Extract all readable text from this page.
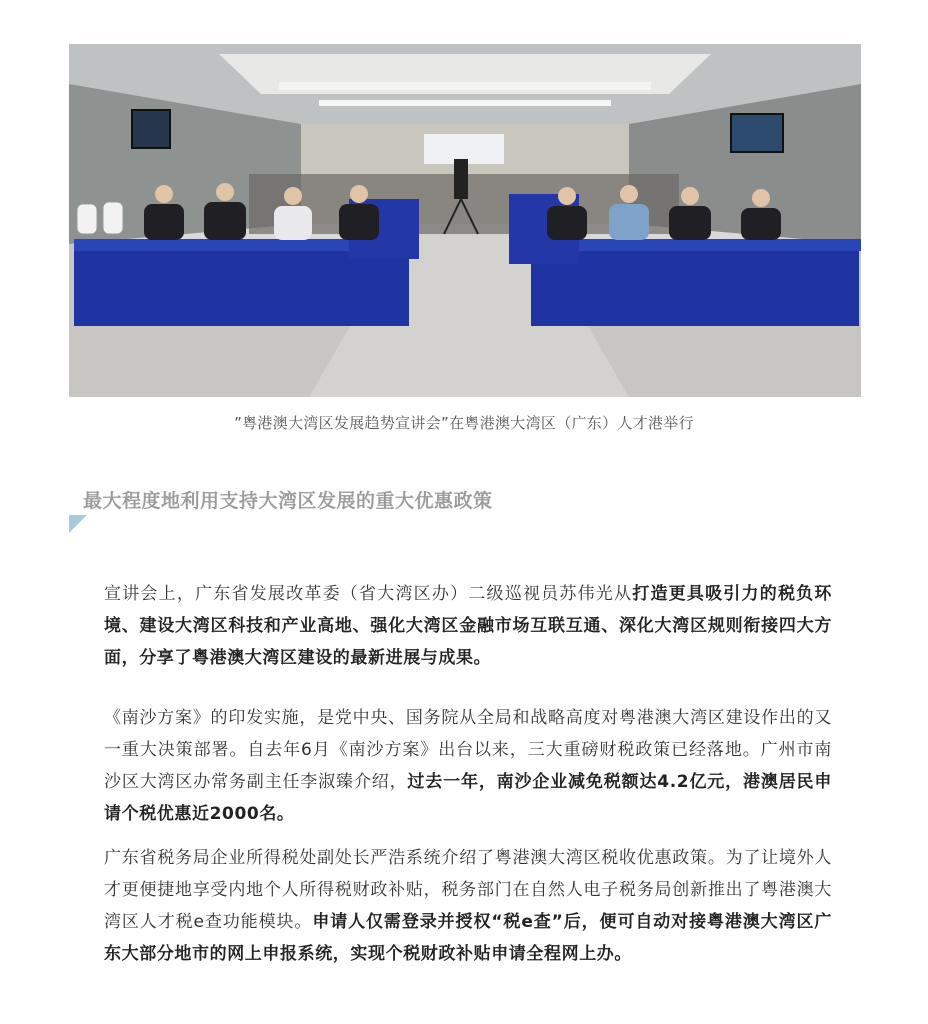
”粤港澳大湾区发展趋势宣讲会”在粤港澳大湾区（广东）人才港举行
最大程度地利用支持大湾区发展的重大优惠政策
宣讲会上，广东省发展改革委（省大湾区办）二级巡视员苏伟光从打造更具吸引力的税负环境、建设大湾区科技和产业高地、强化大湾区金融市场互联互通、深化大湾区规则衔接四大方面，分享了粤港澳大湾区建设的最新进展与成果。
《南沙方案》的印发实施，是党中央、国务院从全局和战略高度对粤港澳大湾区建设作出的又一重大决策部署。自去年6月《南沙方案》出台以来，三大重磅财税政策已经落地。广州市南沙区大湾区办常务副主任李淑臻介绍，过去一年，南沙企业减免税额达4.2亿元，港澳居民申请个税优惠近2000名。
广东省税务局企业所得税处副处长严浩系统介绍了粤港澳大湾区税收优惠政策。为了让境外人才更便捷地享受内地个人所得税财政补贴，税务部门在自然人电子税务局创新推出了粤港澳大湾区人才税e查功能模块。申请人仅需登录并授权“税e查”后，便可自动对接粤港澳大湾区广东大部分地市的网上申报系统，实现个税财政补贴申请全程网上办。
